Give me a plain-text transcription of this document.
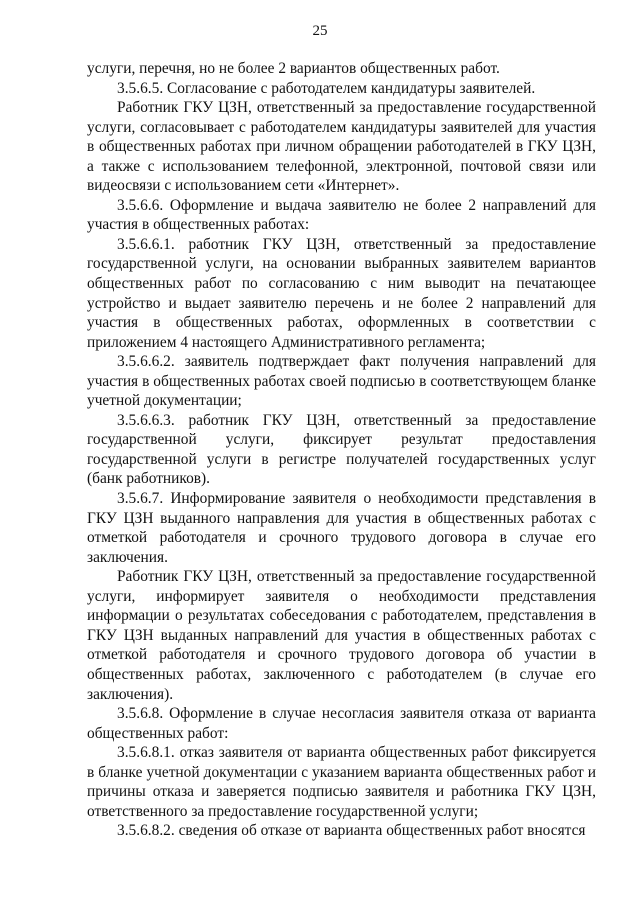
25

услуги, перечня, но не более 2 вариантов общественных работ.

3.5.6.5. Согласование с работодателем кандидатуры заявителей.

Работник ГКУ ЦЗН, ответственный за предоставление государственной услуги, согласовывает с работодателем кандидатуры заявителей для участия в общественных работах при личном обращении работодателей в ГКУ ЦЗН, а также с использованием телефонной, электронной, почтовой связи или видеосвязи с использованием сети «Интернет».

3.5.6.6. Оформление и выдача заявителю не более 2 направлений для участия в общественных работах:

3.5.6.6.1. работник ГКУ ЦЗН, ответственный за предоставление государственной услуги, на основании выбранных заявителем вариантов общественных работ по согласованию с ним выводит на печатающее устройство и выдает заявителю перечень и не более 2 направлений для участия в общественных работах, оформленных в соответствии с приложением 4 настоящего Административного регламента;

3.5.6.6.2. заявитель подтверждает факт получения направлений для участия в общественных работах своей подписью в соответствующем бланке учетной документации;

3.5.6.6.3. работник ГКУ ЦЗН, ответственный за предоставление государственной услуги, фиксирует результат предоставления государственной услуги в регистре получателей государственных услуг (банк работников).

3.5.6.7. Информирование заявителя о необходимости представления в ГКУ ЦЗН выданного направления для участия в общественных работах с отметкой работодателя и срочного трудового договора в случае его заключения.

Работник ГКУ ЦЗН, ответственный за предоставление государственной услуги, информирует заявителя о необходимости представления информации о результатах собеседования с работодателем, представления в ГКУ ЦЗН выданных направлений для участия в общественных работах с отметкой работодателя и срочного трудового договора об участии в общественных работах, заключенного с работодателем (в случае его заключения).

3.5.6.8. Оформление в случае несогласия заявителя отказа от варианта общественных работ:

3.5.6.8.1. отказ заявителя от варианта общественных работ фиксируется в бланке учетной документации с указанием варианта общественных работ и причины отказа и заверяется подписью заявителя и работника ГКУ ЦЗН, ответственного за предоставление государственной услуги;

3.5.6.8.2. сведения об отказе от варианта общественных работ вносятся
